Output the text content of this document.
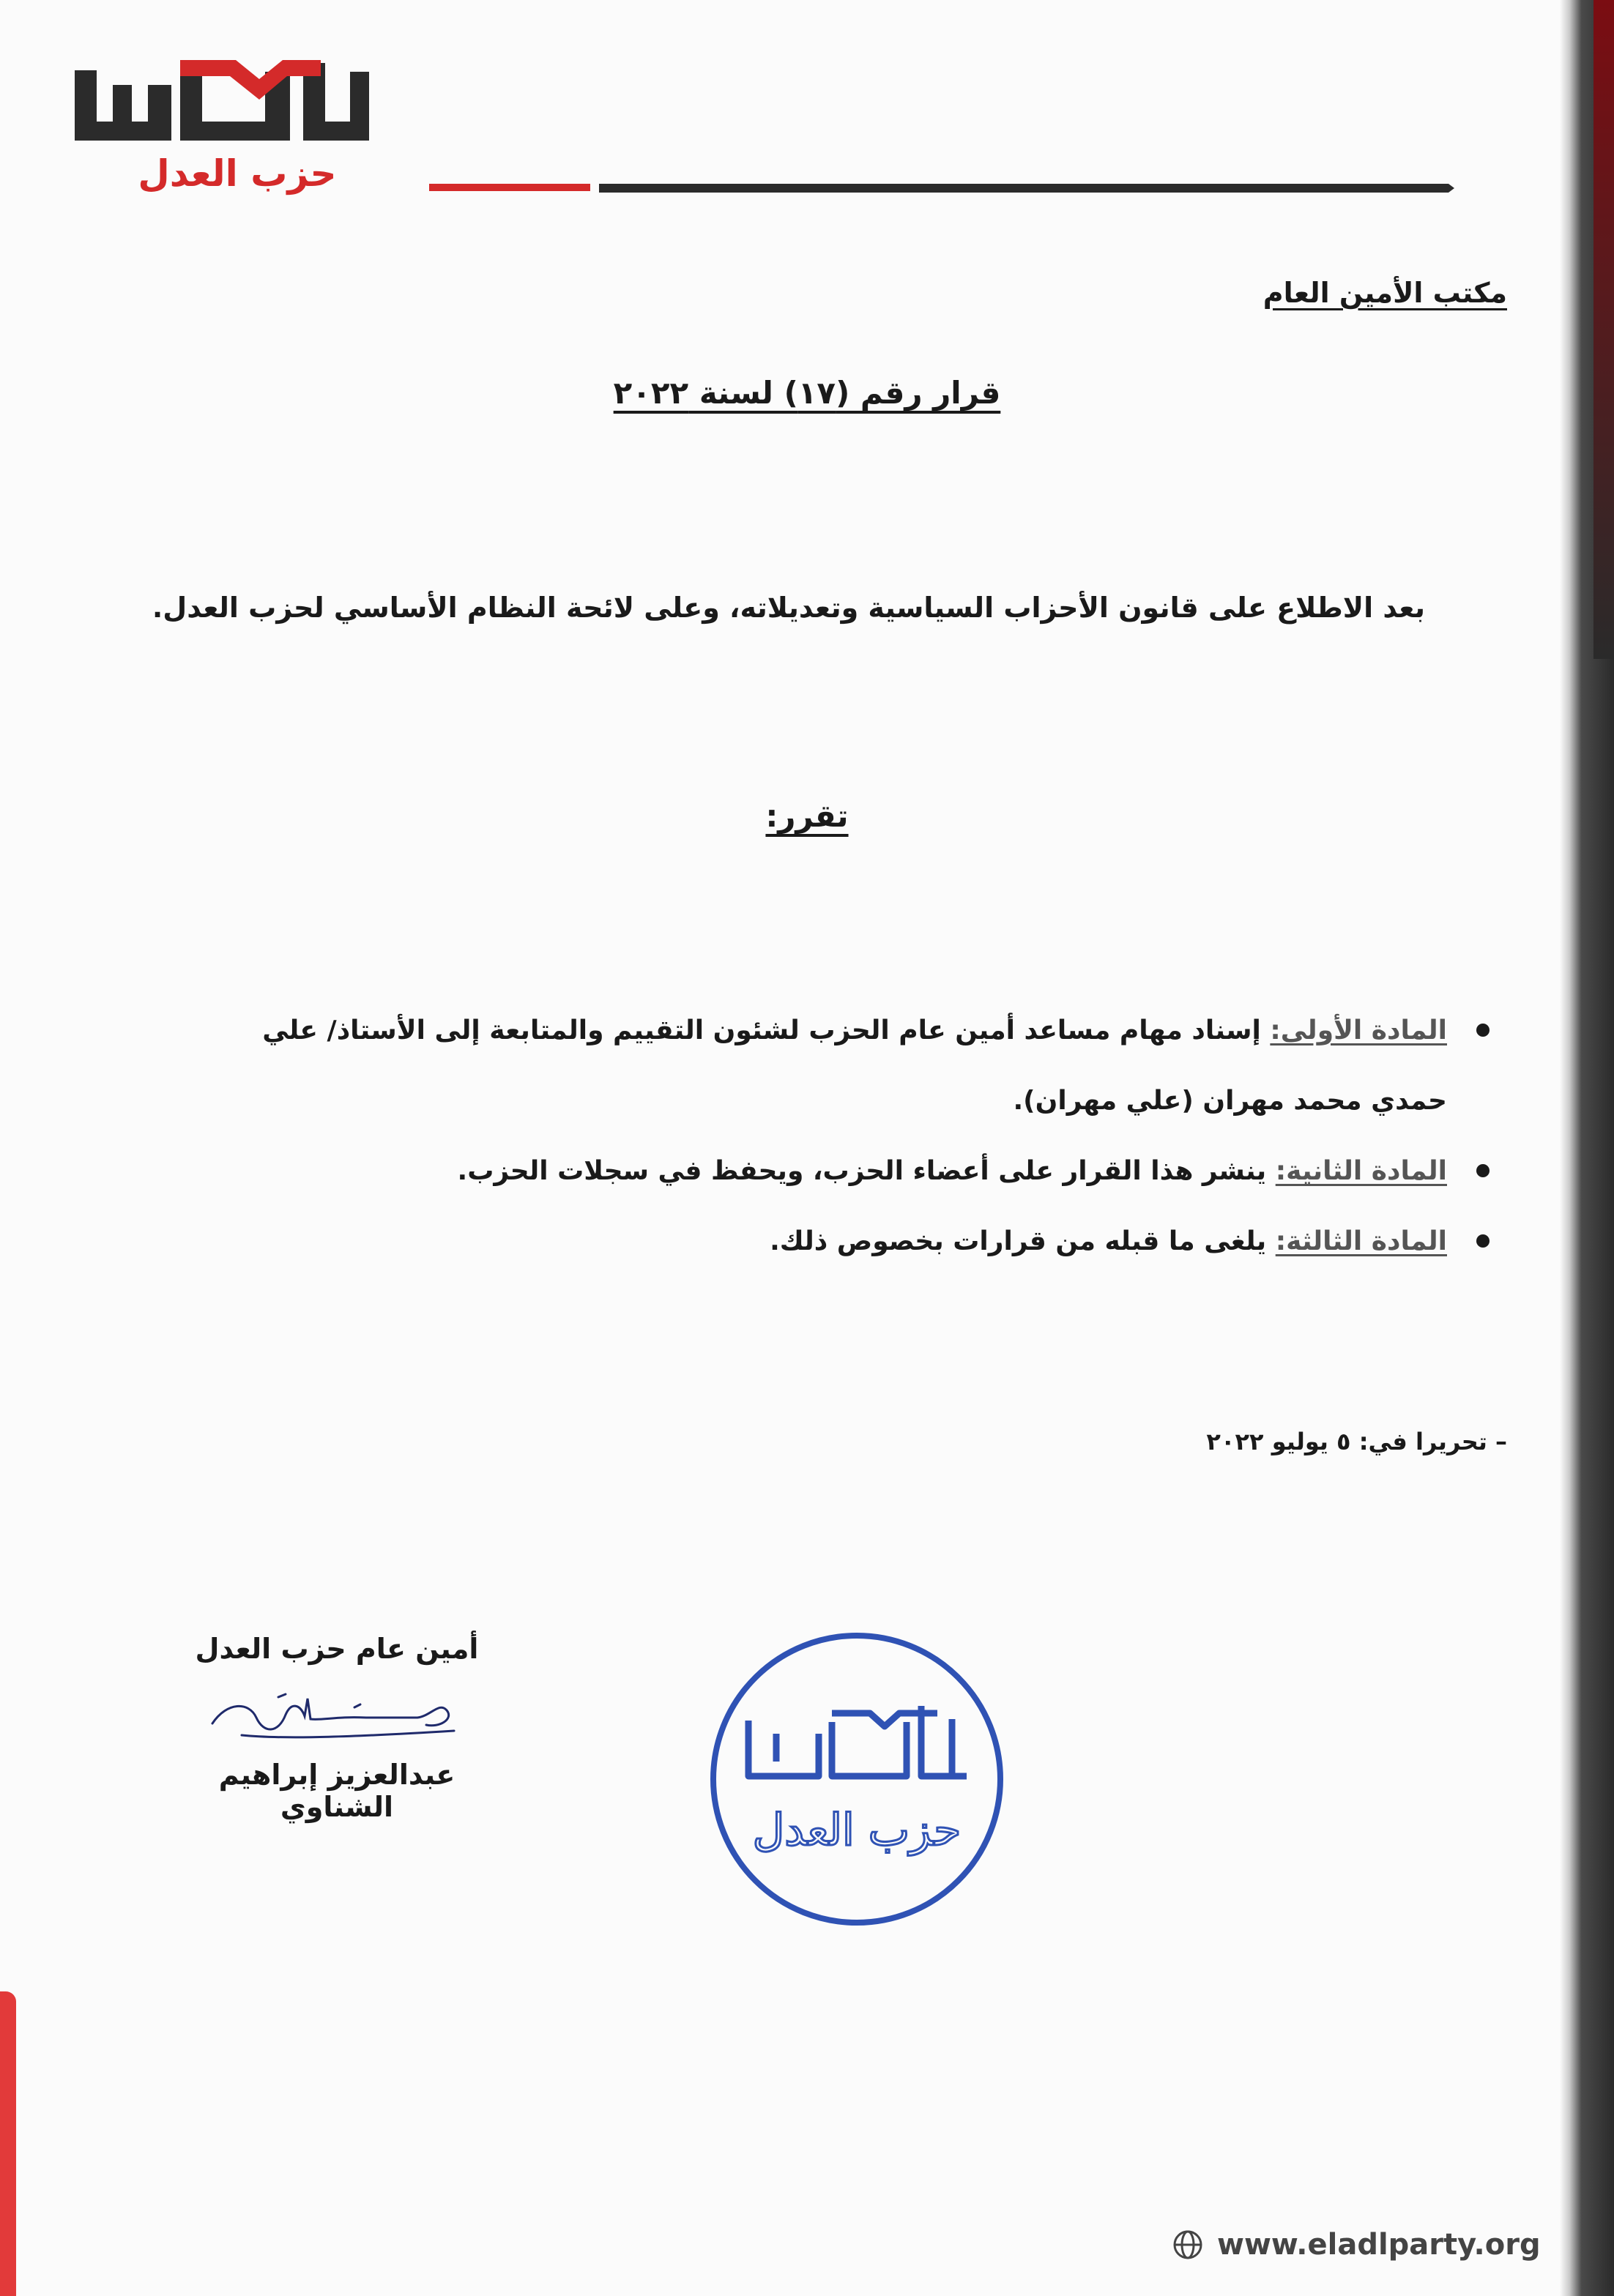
حزب العدل
مكتب الأمين العام
قرار رقم (١٧) لسنة ٢٠٢٢
بعد الاطلاع على قانون الأحزاب السياسية وتعديلاته، وعلى لائحة النظام الأساسي لحزب العدل.
تقرر:
المادة الأولى: إسناد مهام مساعد أمين عام الحزب لشئون التقييم والمتابعة إلى الأستاذ/ علي حمدي محمد مهران (علي مهران).
المادة الثانية: ينشر هذا القرار على أعضاء الحزب، ويحفظ في سجلات الحزب.
المادة الثالثة: يلغى ما قبله من قرارات بخصوص ذلك.
– تحريرا في: ٥ يوليو ٢٠٢٢
أمين عام حزب العدل
عبدالعزيز إبراهيم الشناوي	حزب العدل
www.eladlparty.org
